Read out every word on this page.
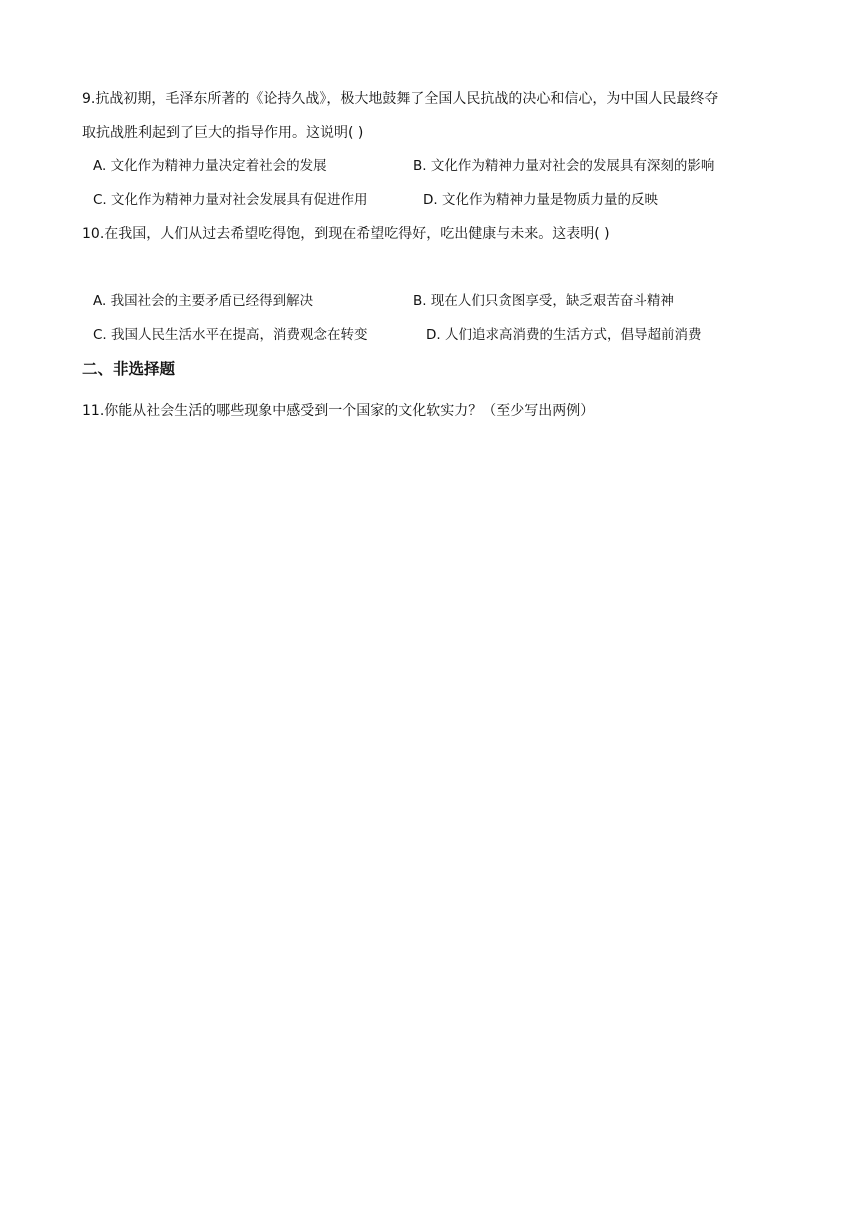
9.抗战初期，毛泽东所著的《论持久战》，极大地鼓舞了全国人民抗战的决心和信心，为中国人民最终夺
取抗战胜利起到了巨大的指导作用。这说明( )
A. 文化作为精神力量决定着社会的发展	B. 文化作为精神力量对社会的发展具有深刻的影响
C. 文化作为精神力量对社会发展具有促进作用	D. 文化作为精神力量是物质力量的反映
10.在我国，人们从过去希望吃得饱，到现在希望吃得好，吃出健康与未来。这表明( )
A. 我国社会的主要矛盾已经得到解决	B. 现在人们只贪图享受，缺乏艰苦奋斗精神
C. 我国人民生活水平在提高，消费观念在转变	D. 人们追求高消费的生活方式，倡导超前消费
二、非选择题
11.你能从社会生活的哪些现象中感受到一个国家的文化软实力？（至少写出两例）
